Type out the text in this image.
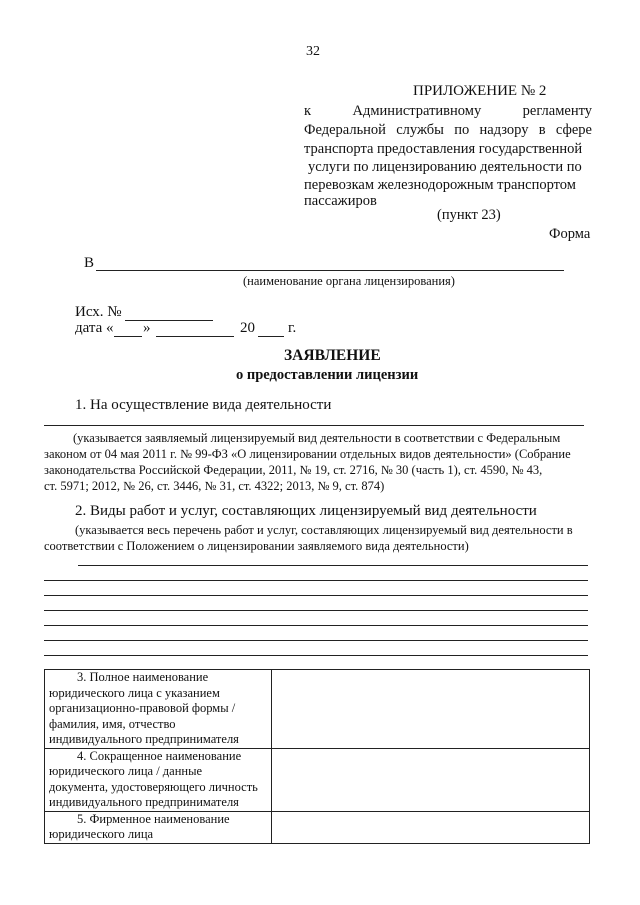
32
ПРИЛОЖЕНИЕ № 2
к Административному регламенту
Федеральной службы по надзору в сфере
транспорта предоставления государственной
услуги по лицензированию деятельности по
перевозкам железнодорожным транспортом
пассажиров
(пункт 23)
Форма
В
(наименование органа лицензирования)
Исх. №
дата « »	20 г.
ЗАЯВЛЕНИЕ
о предоставлении лицензии
1. На осуществление вида деятельности
(указывается заявляемый лицензируемый вид деятельности в соответствии с Федеральным
законом от 04 мая 2011 г. № 99-ФЗ «О лицензировании отдельных видов деятельности» (Собрание
законодательства Российской Федерации, 2011, № 19, ст. 2716, № 30 (часть 1), ст. 4590, № 43,
ст. 5971; 2012, № 26, ст. 3446, № 31, ст. 4322; 2013, № 9, ст. 874)
2. Виды работ и услуг, составляющих лицензируемый вид деятельности
(указывается весь перечень работ и услуг, составляющих лицензируемый вид деятельности в
соответствии с Положением о лицензировании заявляемого вида деятельности)
3. Полное наименование
юридического лица с указанием
организационно-правовой формы /
фамилия, имя, отчество
индивидуального предпринимателя	
4. Сокращенное наименование
юридического лица / данные
документа, удостоверяющего личность
индивидуального предпринимателя	
5. Фирменное наименование
юридического лица	
